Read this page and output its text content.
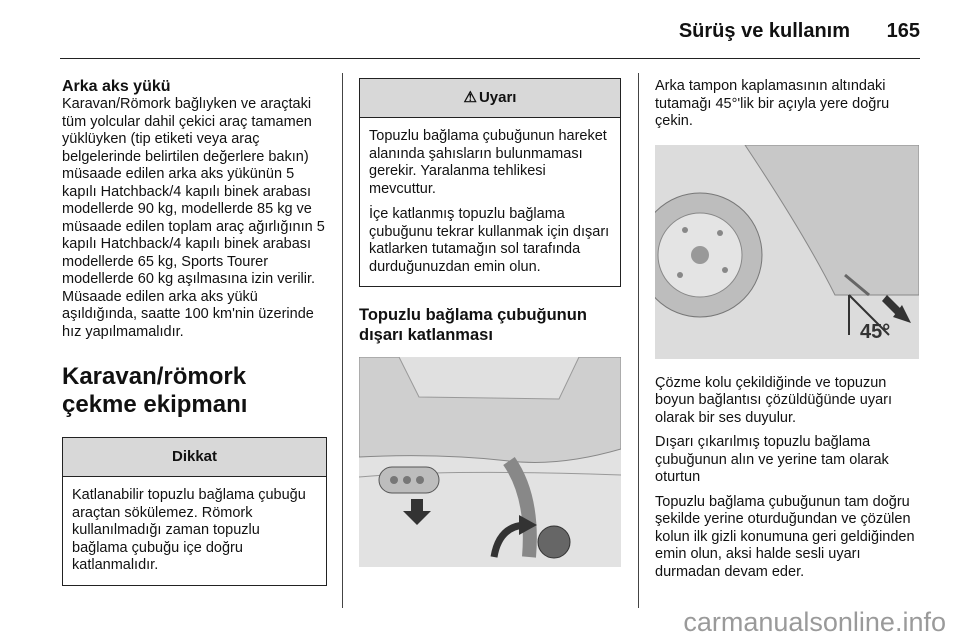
Sürüş ve kullanım 165
Arka aks yükü

Karavan/Römork bağlıyken ve araçtaki tüm yolcular dahil çekici araç tamamen yüklüyken (tip etiketi veya araç belgelerinde belirtilen değerlere bakın) müsaade edilen arka aks yükünün 5 kapılı Hatchback/4 kapılı binek arabası modellerde 90 kg, modellerde 85 kg ve müsaade edilen toplam araç ağırlığının 5 kapılı Hatchback/4 kapılı binek arabası modellerde 65 kg, Sports Tourer modellerde 60 kg aşılmasına izin verilir. Müsaade edilen arka aks yükü aşıldığında, saatte 100 km'nin üzerinde hız yapılmamalıdır.

Karavan/römork çekme ekipmanı
Dikkat

Katlanabilir topuzlu bağlama çubuğu araçtan sökülemez. Römork kullanılmadığı zaman topuzlu bağlama çubuğu içe doğru katlanmalıdır.

⚠ Uyarı

Topuzlu bağlama çubuğunun hareket alanında şahısların bulunmaması gerekir. Yaralanma tehlikesi mevcuttur.

İçe katlanmış topuzlu bağlama çubuğunu tekrar kullanmak için dışarı katlarken tutamağın sol tarafında durduğunuzdan emin olun.

Topuzlu bağlama çubuğunun dışarı katlanması

Arka tampon kaplamasının altındaki tutamağı 45°'lik bir açıyla yere doğru çekin.

45°

Çözme kolu çekildiğinde ve topuzun boyun bağlantısı çözüldüğünde uyarı olarak bir ses duyulur.

Dışarı çıkarılmış topuzlu bağlama çubuğunun alın ve yerine tam olarak oturtun

Topuzlu bağlama çubuğunun tam doğru şekilde yerine oturduğundan ve çözülen kolun ilk gizli konumuna geri geldiğinden emin olun, aksi halde sesli uyarı durmadan devam eder.

carmanualsonline.info
